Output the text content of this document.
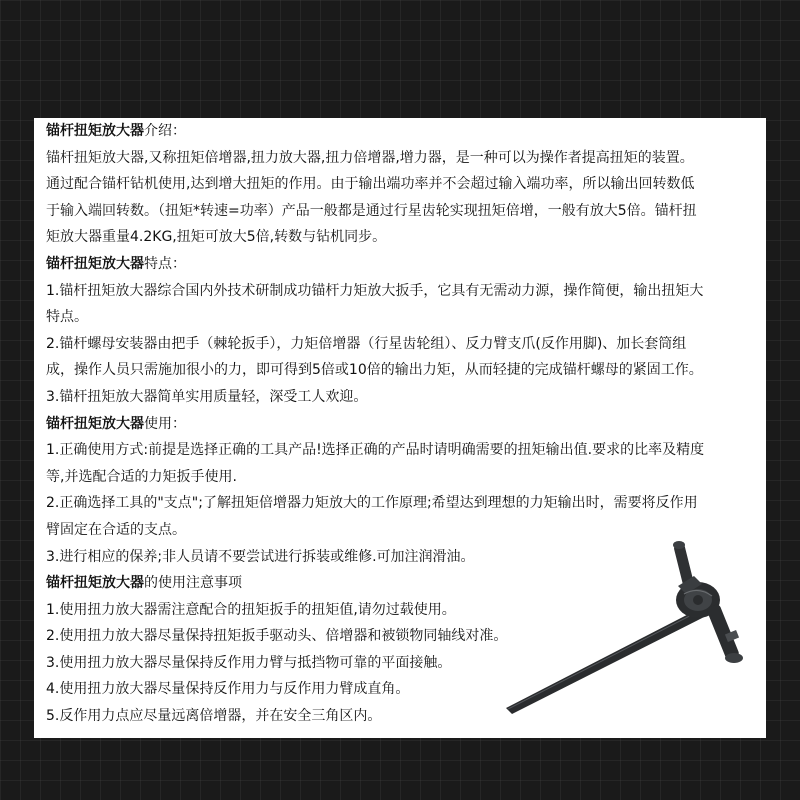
锚杆扭矩放大器介绍：
锚杆扭矩放大器,又称扭矩倍增器,扭力放大器,扭力倍增器,增力器，是一种可以为操作者提高扭矩的装置。
通过配合锚杆钻机使用,达到增大扭矩的作用。由于输出端功率并不会超过输入端功率，所以输出回转数低
于输入端回转数。（扭矩*转速=功率）产品一般都是通过行星齿轮实现扭矩倍增，一般有放大5倍。锚杆扭
矩放大器重量4.2KG,扭矩可放大5倍,转数与钻机同步。
锚杆扭矩放大器特点：
1.锚杆扭矩放大器综合国内外技术研制成功锚杆力矩放大扳手，它具有无需动力源，操作简便，输出扭矩大
特点。
2.锚杆螺母安装器由把手（棘轮扳手），力矩倍增器（行星齿轮组）、反力臂支爪(反作用脚)、加长套筒组
成，操作人员只需施加很小的力，即可得到5倍或10倍的输出力矩，从而轻捷的完成锚杆螺母的紧固工作。
3.锚杆扭矩放大器简单实用质量轻，深受工人欢迎。
锚杆扭矩放大器使用：
1.正确使用方式:前提是选择正确的工具产品!选择正确的产品时请明确需要的扭矩输出值.要求的比率及精度
等,并选配合适的力矩扳手使用.
2.正确选择工具的"支点";了解扭矩倍增器力矩放大的工作原理;希望达到理想的力矩输出时，需要将反作用
臂固定在合适的支点。
3.进行相应的保养;非人员请不要尝试进行拆装或维修.可加注润滑油。
锚杆扭矩放大器的使用注意事项
1.使用扭力放大器需注意配合的扭矩扳手的扭矩值,请勿过载使用。
2.使用扭力放大器尽量保持扭矩扳手驱动头、倍增器和被锁物同轴线对准。
3.使用扭力放大器尽量保持反作用力臂与抵挡物可靠的平面接触。
4.使用扭力放大器尽量保持反作用力与反作用力臂成直角。
5.反作用力点应尽量远离倍增器，并在安全三角区内。
